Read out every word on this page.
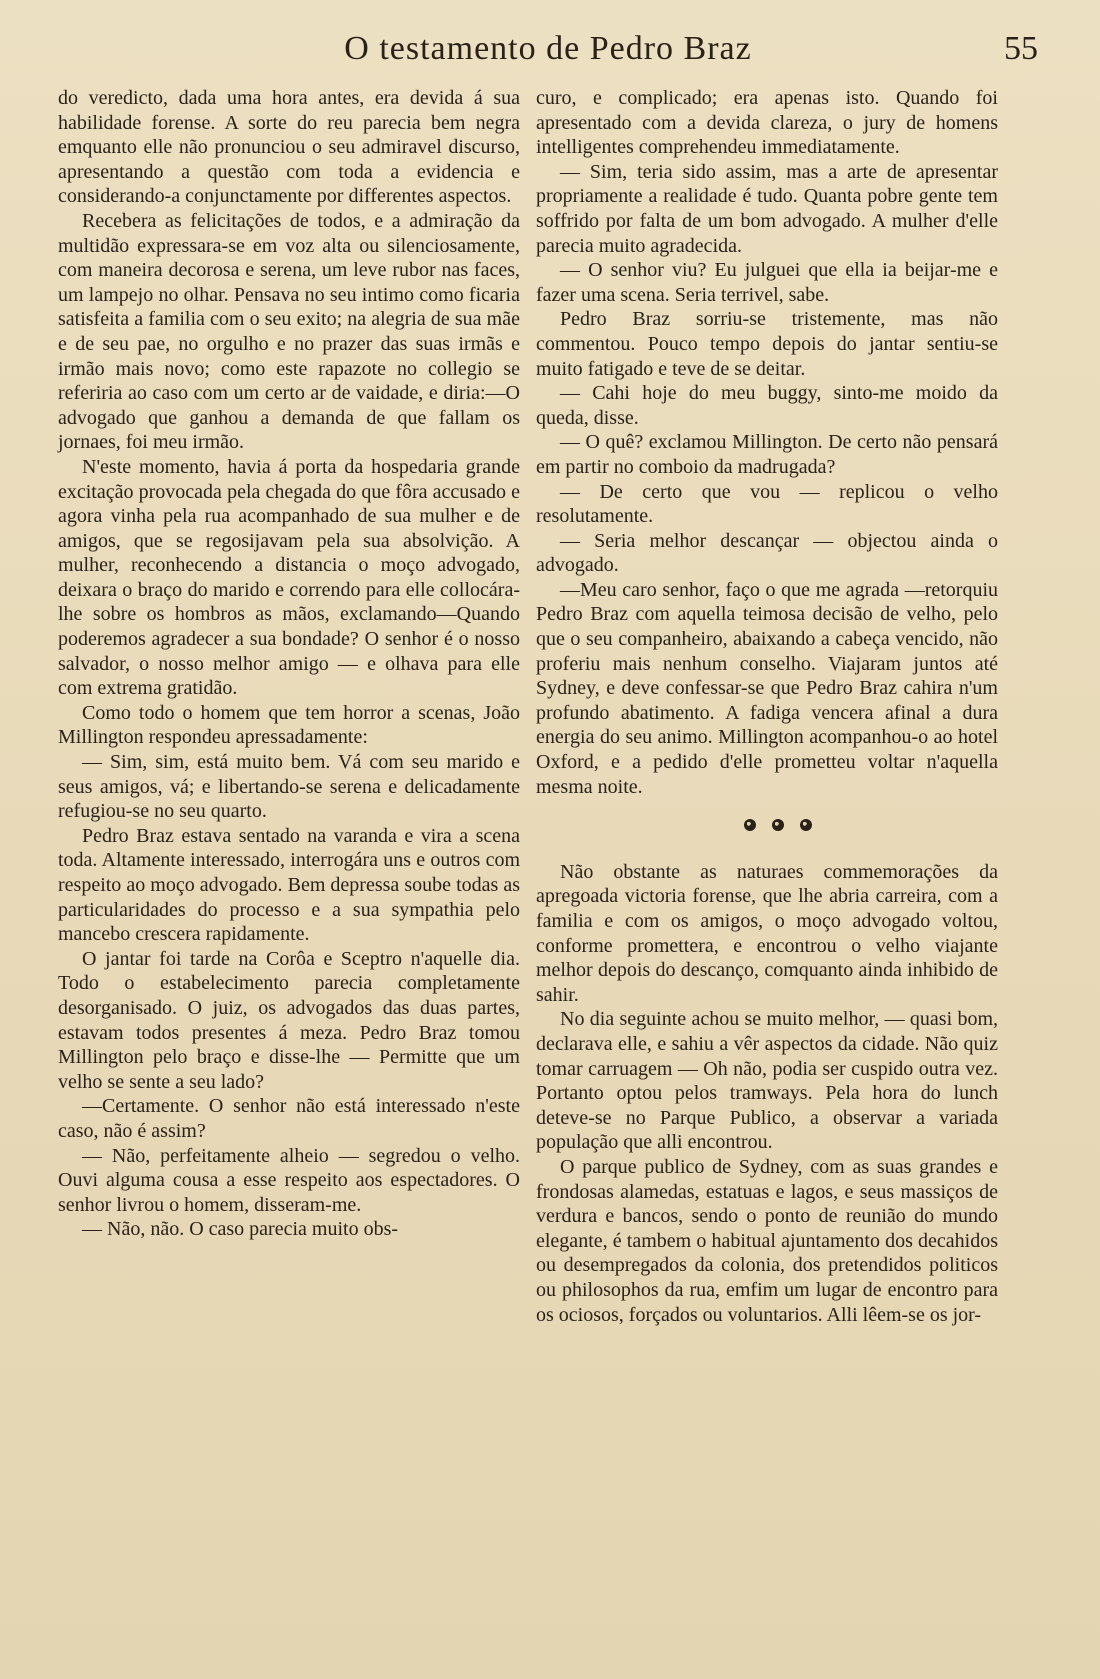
O testamento de Pedro Braz	55

do veredicto, dada uma hora antes, era devida á sua habilidade forense. A sorte do reu parecia bem negra emquanto elle não pronunciou o seu admiravel discurso, apresentando a questão com toda a evidencia e considerando-a conjunctamente por differentes aspectos.

Recebera as felicitações de todos, e a admiração da multidão expressara-se em voz alta ou silenciosamente, com maneira decorosa e serena, um leve rubor nas faces, um lampejo no olhar. Pensava no seu intimo como ficaria satisfeita a familia com o seu exito; na alegria de sua mãe e de seu pae, no orgulho e no prazer das suas irmãs e irmão mais novo; como este rapazote no collegio se referiria ao caso com um certo ar de vaidade, e diria:—O advogado que ganhou a demanda de que fallam os jornaes, foi meu irmão.

N'este momento, havia á porta da hospedaria grande excitação provocada pela chegada do que fôra accusado e agora vinha pela rua acompanhado de sua mulher e de amigos, que se regosijavam pela sua absolvição. A mulher, reconhecendo a distancia o moço advogado, deixara o braço do marido e correndo para elle collocára-lhe sobre os hombros as mãos, exclamando—Quando poderemos agradecer a sua bondade? O senhor é o nosso salvador, o nosso melhor amigo — e olhava para elle com extrema gratidão.

Como todo o homem que tem horror a scenas, João Millington respondeu apressadamente:

— Sim, sim, está muito bem. Vá com seu marido e seus amigos, vá; e libertando-se serena e delicadamente refugiou-se no seu quarto.

Pedro Braz estava sentado na varanda e vira a scena toda. Altamente interessado, interrogára uns e outros com respeito ao moço advogado. Bem depressa soube todas as particularidades do processo e a sua sympathia pelo mancebo crescera rapidamente.

O jantar foi tarde na Corôa e Sceptro n'aquelle dia. Todo o estabelecimento parecia completamente desorganisado. O juiz, os advogados das duas partes, estavam todos presentes á meza. Pedro Braz tomou Millington pelo braço e disse-lhe — Permitte que um velho se sente a seu lado?

—Certamente. O senhor não está interessado n'este caso, não é assim?

— Não, perfeitamente alheio — segredou o velho. Ouvi alguma cousa a esse respeito aos espectadores. O senhor livrou o homem, disseram-me.

— Não, não. O caso parecia muito obs-

curo, e complicado; era apenas isto. Quando foi apresentado com a devida clareza, o jury de homens intelligentes comprehendeu immediatamente.

— Sim, teria sido assim, mas a arte de apresentar propriamente a realidade é tudo. Quanta pobre gente tem soffrido por falta de um bom advogado. A mulher d'elle parecia muito agradecida.

— O senhor viu? Eu julguei que ella ia beijar-me e fazer uma scena. Seria terrivel, sabe.

Pedro Braz sorriu-se tristemente, mas não commentou. Pouco tempo depois do jantar sentiu-se muito fatigado e teve de se deitar.

— Cahi hoje do meu buggy, sinto-me moido da queda, disse.

— O quê? exclamou Millington. De certo não pensará em partir no comboio da madrugada?

— De certo que vou — replicou o velho resolutamente.

— Seria melhor descançar — objectou ainda o advogado.

—Meu caro senhor, faço o que me agrada —retorquiu Pedro Braz com aquella teimosa decisão de velho, pelo que o seu companheiro, abaixando a cabeça vencido, não proferiu mais nenhum conselho. Viajaram juntos até Sydney, e deve confessar-se que Pedro Braz cahira n'um profundo abatimento. A fadiga vencera afinal a dura energia do seu animo. Millington acompanhou-o ao hotel Oxford, e a pedido d'elle prometteu voltar n'aquella mesma noite.

Não obstante as naturaes commemorações da apregoada victoria forense, que lhe abria carreira, com a familia e com os amigos, o moço advogado voltou, conforme promettera, e encontrou o velho viajante melhor depois do descanço, comquanto ainda inhibido de sahir.

No dia seguinte achou se muito melhor, — quasi bom, declarava elle, e sahiu a vêr aspectos da cidade. Não quiz tomar carruagem — Oh não, podia ser cuspido outra vez. Portanto optou pelos tramways. Pela hora do lunch deteve-se no Parque Publico, a observar a variada população que alli encontrou.

O parque publico de Sydney, com as suas grandes e frondosas alamedas, estatuas e lagos, e seus massiços de verdura e bancos, sendo o ponto de reunião do mundo elegante, é tambem o habitual ajuntamento dos decahidos ou desempregados da colonia, dos pretendidos politicos ou philosophos da rua, emfim um lugar de encontro para os ociosos, forçados ou voluntarios. Alli lêem-se os jor-
